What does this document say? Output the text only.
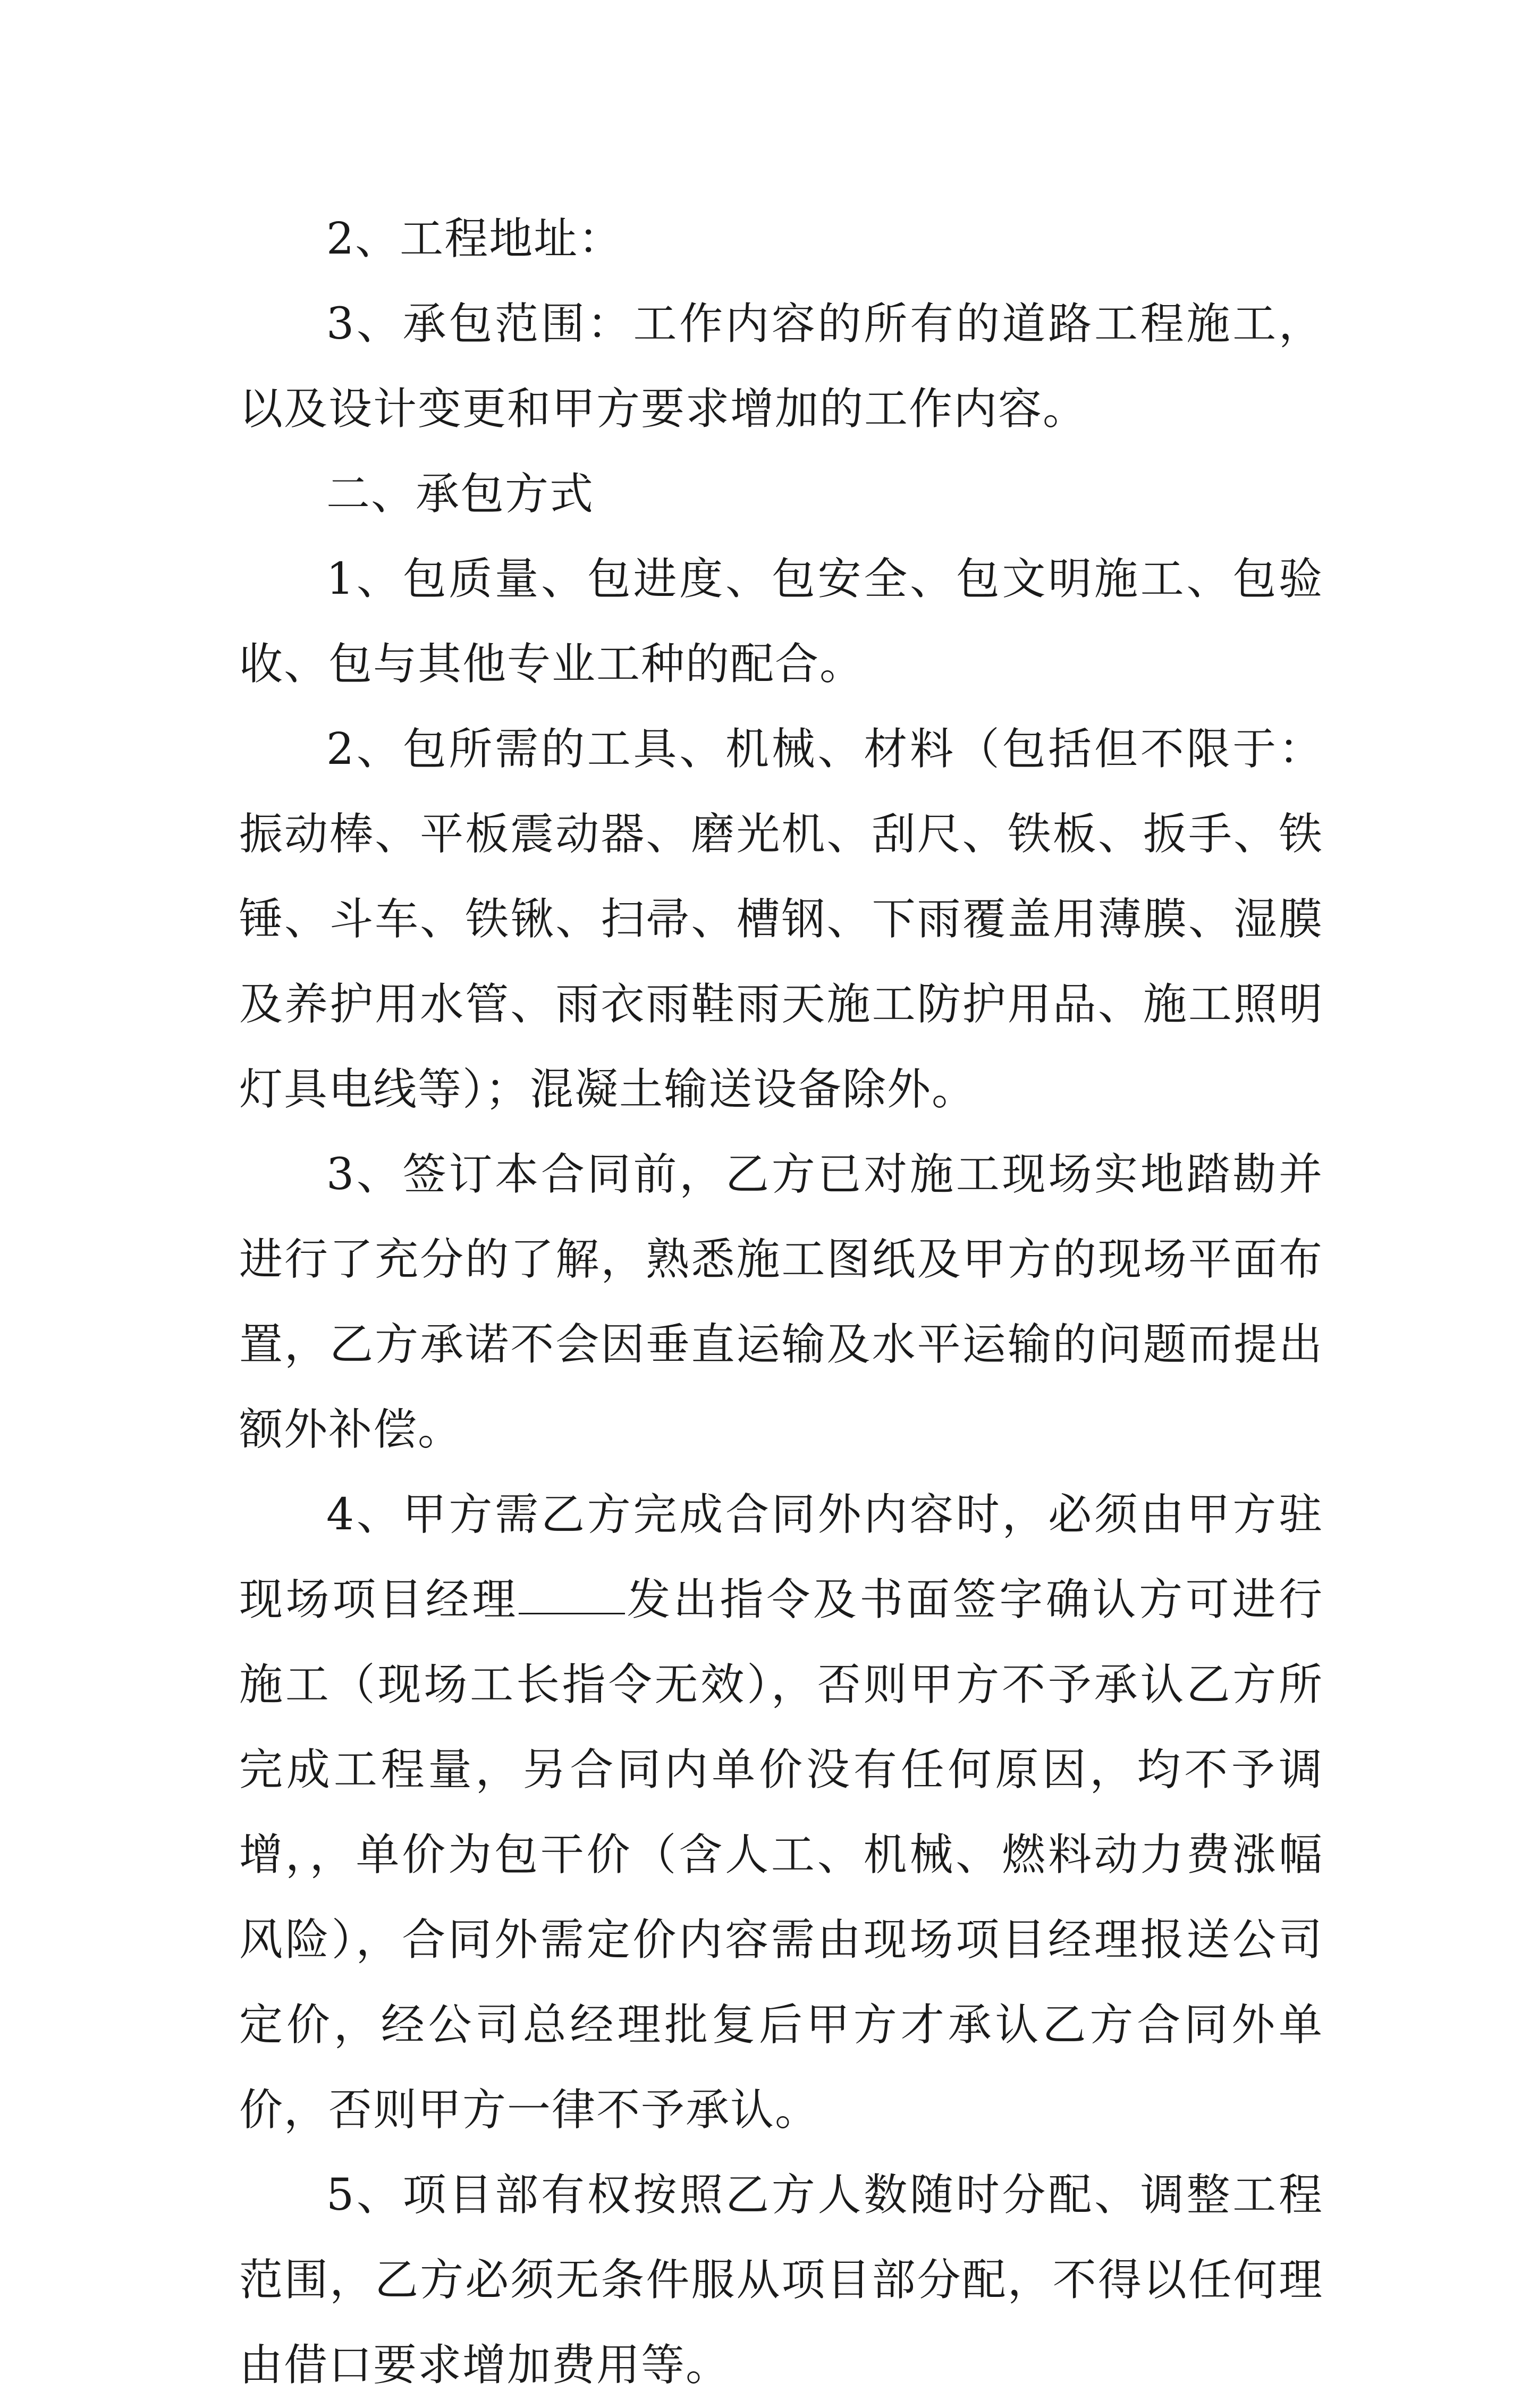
2、工程地址：

3、承包范围：工作内容的所有的道路工程施工，以及设计变更和甲方要求增加的工作内容。

二、承包方式

1、包质量、包进度、包安全、包文明施工、包验收、包与其他专业工种的配合。

2、包所需的工具、机械、材料（包括但不限于：振动棒、平板震动器、磨光机、刮尺、铁板、扳手、铁锤、斗车、铁锹、扫帚、槽钢、下雨覆盖用薄膜、湿膜及养护用水管、雨衣雨鞋雨天施工防护用品、施工照明灯具电线等）；混凝土输送设备除外。

3、签订本合同前，乙方已对施工现场实地踏勘并进行了充分的了解，熟悉施工图纸及甲方的现场平面布置，乙方承诺不会因垂直运输及水平运输的问题而提出额外补偿。

4、甲方需乙方完成合同外内容时，必须由甲方驻现场项目经理 发出指令及书面签字确认方可进行施工（现场工长指令无效），否则甲方不予承认乙方所完成工程量，另合同内单价没有任何原因，均不予调增，，单价为包干价（含人工、机械、燃料动力费涨幅风险），合同外需定价内容需由现场项目经理报送公司定价，经公司总经理批复后甲方才承认乙方合同外单价，否则甲方一律不予承认。

5、项目部有权按照乙方人数随时分配、调整工程范围，乙方必须无条件服从项目部分配，不得以任何理由借口要求增加费用等。
